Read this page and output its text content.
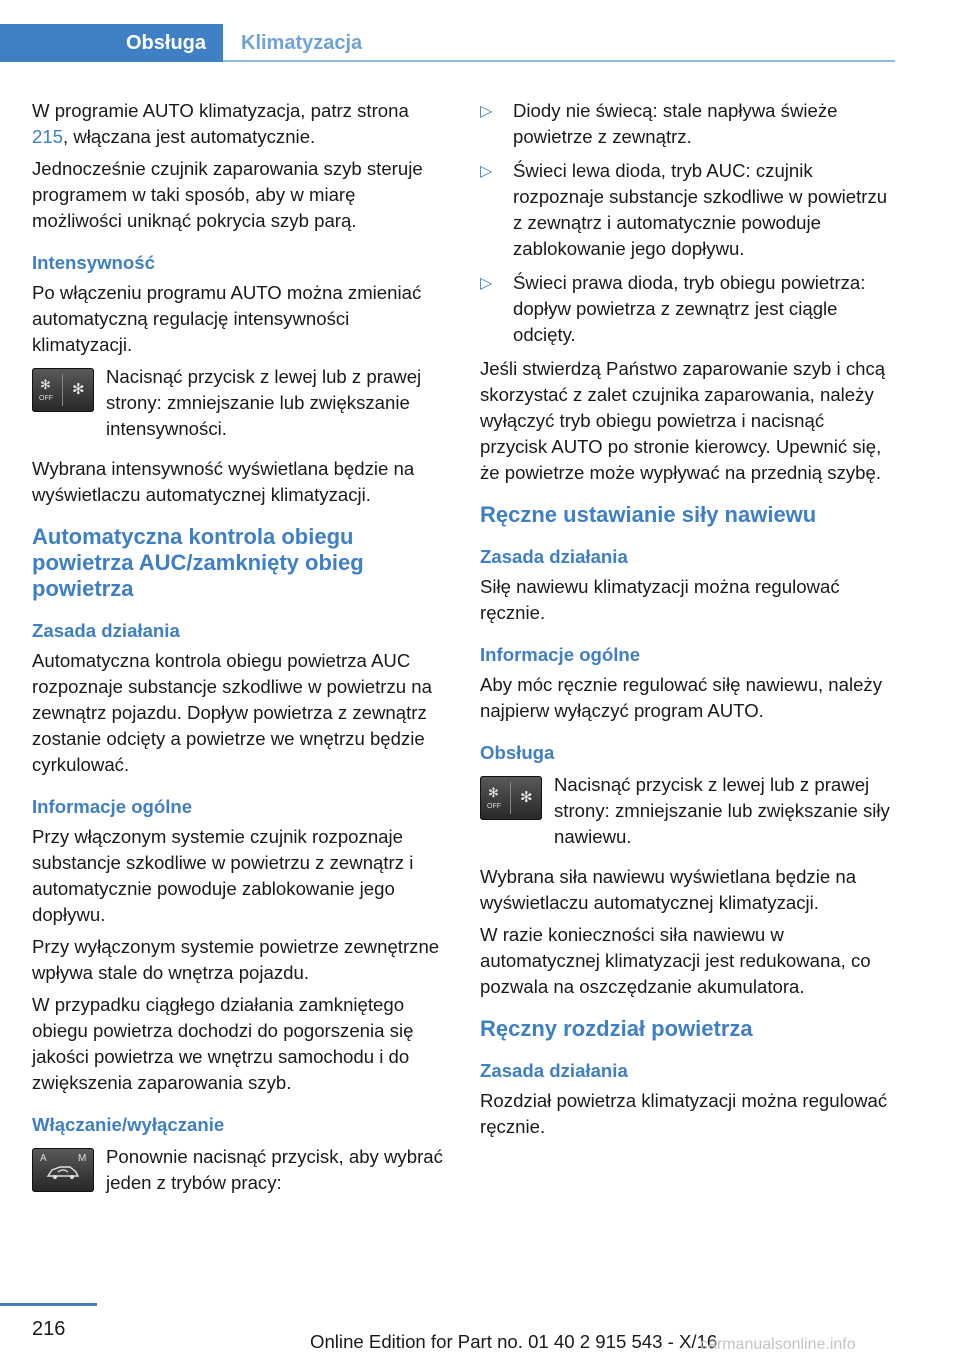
Obsługa	Klimatyzacja

W programie AUTO klimatyzacja, patrz strona 215, włączana jest automatycznie.

Jednocześnie czujnik zaparowania szyb steruje programem w taki sposób, aby w miarę możliwości uniknąć pokrycia szyb parą.

Intensywność

Po włączeniu programu AUTO można zmieniać automatyczną regulację intensywności klimatyzacji.

✻
OFF
✻
Nacisnąć przycisk z lewej lub z prawej strony: zmniejszanie lub zwiększanie intensywności.

Wybrana intensywność wyświetlana będzie na wyświetlaczu automatycznej klimatyzacji.

Automatyczna kontrola obiegu powietrza AUC/zamknięty obieg powietrza
Zasada działania

Automatyczna kontrola obiegu powietrza AUC rozpoznaje substancje szkodliwe w powietrzu na zewnątrz pojazdu. Dopływ powietrza z zewnątrz zostanie odcięty a powietrze we wnętrzu będzie cyrkulować.

Informacje ogólne

Przy włączonym systemie czujnik rozpoznaje substancje szkodliwe w powietrzu z zewnątrz i automatycznie powoduje zablokowanie jego dopływu.

Przy wyłączonym systemie powietrze zewnętrzne wpływa stale do wnętrza pojazdu.

W przypadku ciągłego działania zamkniętego obiegu powietrza dochodzi do pogorszenia się jakości powietrza we wnętrzu samochodu i do zwiększenia zaparowania szyb.

Włączanie/wyłączanie
A	M Ponownie nacisnąć przycisk, aby wybrać jeden z trybów pracy:
▷ Diody nie świecą: stale napływa świeże powietrze z zewnątrz.
▷ Świeci lewa dioda, tryb AUC: czujnik rozpoznaje substancje szkodliwe w powietrzu z zewnątrz i automatycznie powoduje zablokowanie jego dopływu.
▷ Świeci prawa dioda, tryb obiegu powietrza: dopływ powietrza z zewnątrz jest ciągle odcięty.

Jeśli stwierdzą Państwo zaparowanie szyb i chcą skorzystać z zalet czujnika zaparowania, należy wyłączyć tryb obiegu powietrza i nacisnąć przycisk AUTO po stronie kierowcy. Upewnić się, że powietrze może wypływać na przednią szybę.

Ręczne ustawianie siły nawiewu
Zasada działania

Siłę nawiewu klimatyzacji można regulować ręcznie.

Informacje ogólne

Aby móc ręcznie regulować siłę nawiewu, należy najpierw wyłączyć program AUTO.

Obsługa
✻
OFF
✻
Nacisnąć przycisk z lewej lub z prawej strony: zmniejszanie lub zwiększanie siły nawiewu.

Wybrana siła nawiewu wyświetlana będzie na wyświetlaczu automatycznej klimatyzacji.

W razie konieczności siła nawiewu w automatycznej klimatyzacji jest redukowana, co pozwala na oszczędzanie akumulatora.

Ręczny rozdział powietrza
Zasada działania

Rozdział powietrza klimatyzacji można regulować ręcznie.

216
Online Edition for Part no. 01 40 2 915 543 - X/16
carmanualsonline.info
